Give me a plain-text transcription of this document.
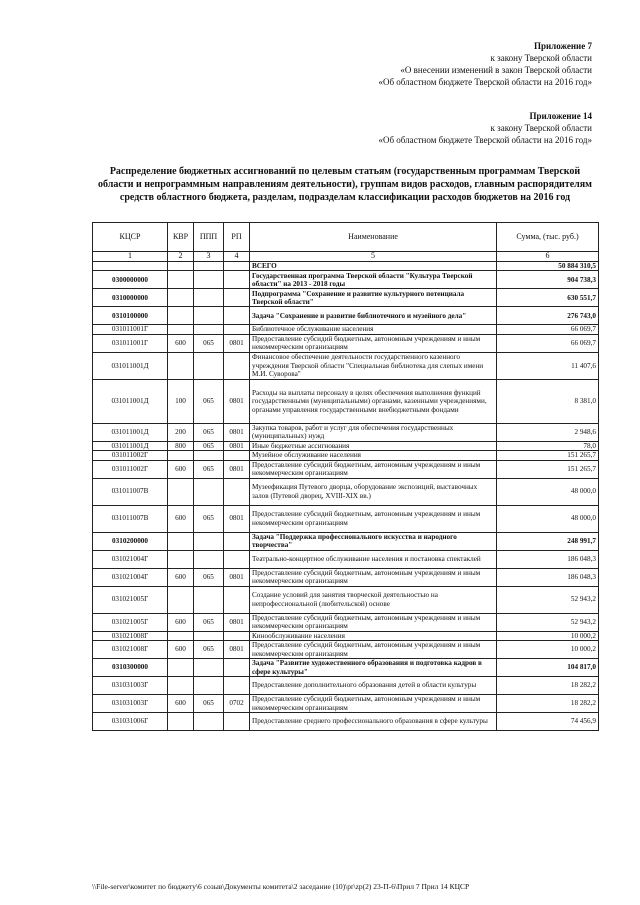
Приложение 7
к закону Тверской области
«О внесении изменений в закон Тверской области
«Об областном бюджете Тверской области на 2016 год»
Приложение 14
к закону Тверской области
«Об областном бюджете Тверской области на 2016 год»
Распределение бюджетных ассигнований по целевым статьям (государственным программам Тверской области и непрограммным направлениям деятельности), группам видов расходов, главным распорядителям средств областного бюджета, разделам, подразделам классификации расходов бюджетов на 2016 год
КЦСР	КВР	ППП	РП	Наименование	Сумма, (тыс. руб.)
1	2	3	4	5	6
				ВСЕГО	50 884 310,5
0300000000				Государственная программа Тверской области "Культура Тверской области" на 2013 - 2018 годы	904 738,3
0310000000				Подпрограмма "Сохранение и развитие культурного потенциала Тверской области"	630 551,7
0310100000				Задача "Сохранение и развитие библиотечного и музейного дела"	276 743,0
031011001Г				Библиотечное обслуживание населения	66 069,7
031011001Г	600	065	0801	Предоставление субсидий бюджетным, автономным учреждениям и иным некоммерческим организациям	66 069,7
031011001Д				Финансовое обеспечение деятельности государственного казенного учреждения Тверской области "Специальная библиотека для слепых имени М.И. Суворова"	11 407,6
031011001Д	100	065	0801	Расходы на выплаты персоналу в целях обеспечения выполнения функций государственными (муниципальными) органами, казенными учреждениями, органами управления государственными внебюджетными фондами	8 381,0
031011001Д	200	065	0801	Закупка товаров, работ и услуг для обеспечения государственных (муниципальных) нужд	2 948,6
031011001Д	800	065	0801	Иные бюджетные ассигнования	78,0
031011002Г				Музейное обслуживание населения	151 265,7
031011002Г	600	065	0801	Предоставление субсидий бюджетным, автономным учреждениям и иным некоммерческим организациям	151 265,7
031011007В				Музеефикация Путевого дворца, оборудование экспозиций, выставочных залов (Путевой дворец, XVIII-XIX вв.)	48 000,0
031011007В	600	065	0801	Предоставление субсидий бюджетным, автономным учреждениям и иным некоммерческим организациям	48 000,0
0310200000				Задача "Поддержка профессионального искусства и народного творчества"	248 991,7
031021004Г				Театрально-концертное обслуживание населения и постановка спектаклей	186 048,3
031021004Г	600	065	0801	Предоставление субсидий бюджетным, автономным учреждениям и иным некоммерческим организациям	186 048,3
031021005Г				Создание условий для занятия творческой деятельностью на непрофессиональной (любительской) основе	52 943,2
031021005Г	600	065	0801	Предоставление субсидий бюджетным, автономным учреждениям и иным некоммерческим организациям	52 943,2
031021008Г				Кинообслуживание населения	10 000,2
031021008Г	600	065	0801	Предоставление субсидий бюджетным, автономным учреждениям и иным некоммерческим организациям	10 000,2
0310300000				Задача "Развитие художественного образования и подготовка кадров в сфере культуры"	104 817,0
031031003Г				Предоставление дополнительного образования детей в области культуры	18 282,2
031031003Г	600	065	0702	Предоставление субсидий бюджетным, автономным учреждениям и иным некоммерческим организациям	18 282,2
031031006Г				Предоставление среднего профессионального образования в сфере культуры	74 456,9
\\File-server\комитет по бюджету\6 созыв\Документы комитета\2 заседание (10)\pr\zp(2) 23-П-6\Прил 7 Прил 14 КЦСР
